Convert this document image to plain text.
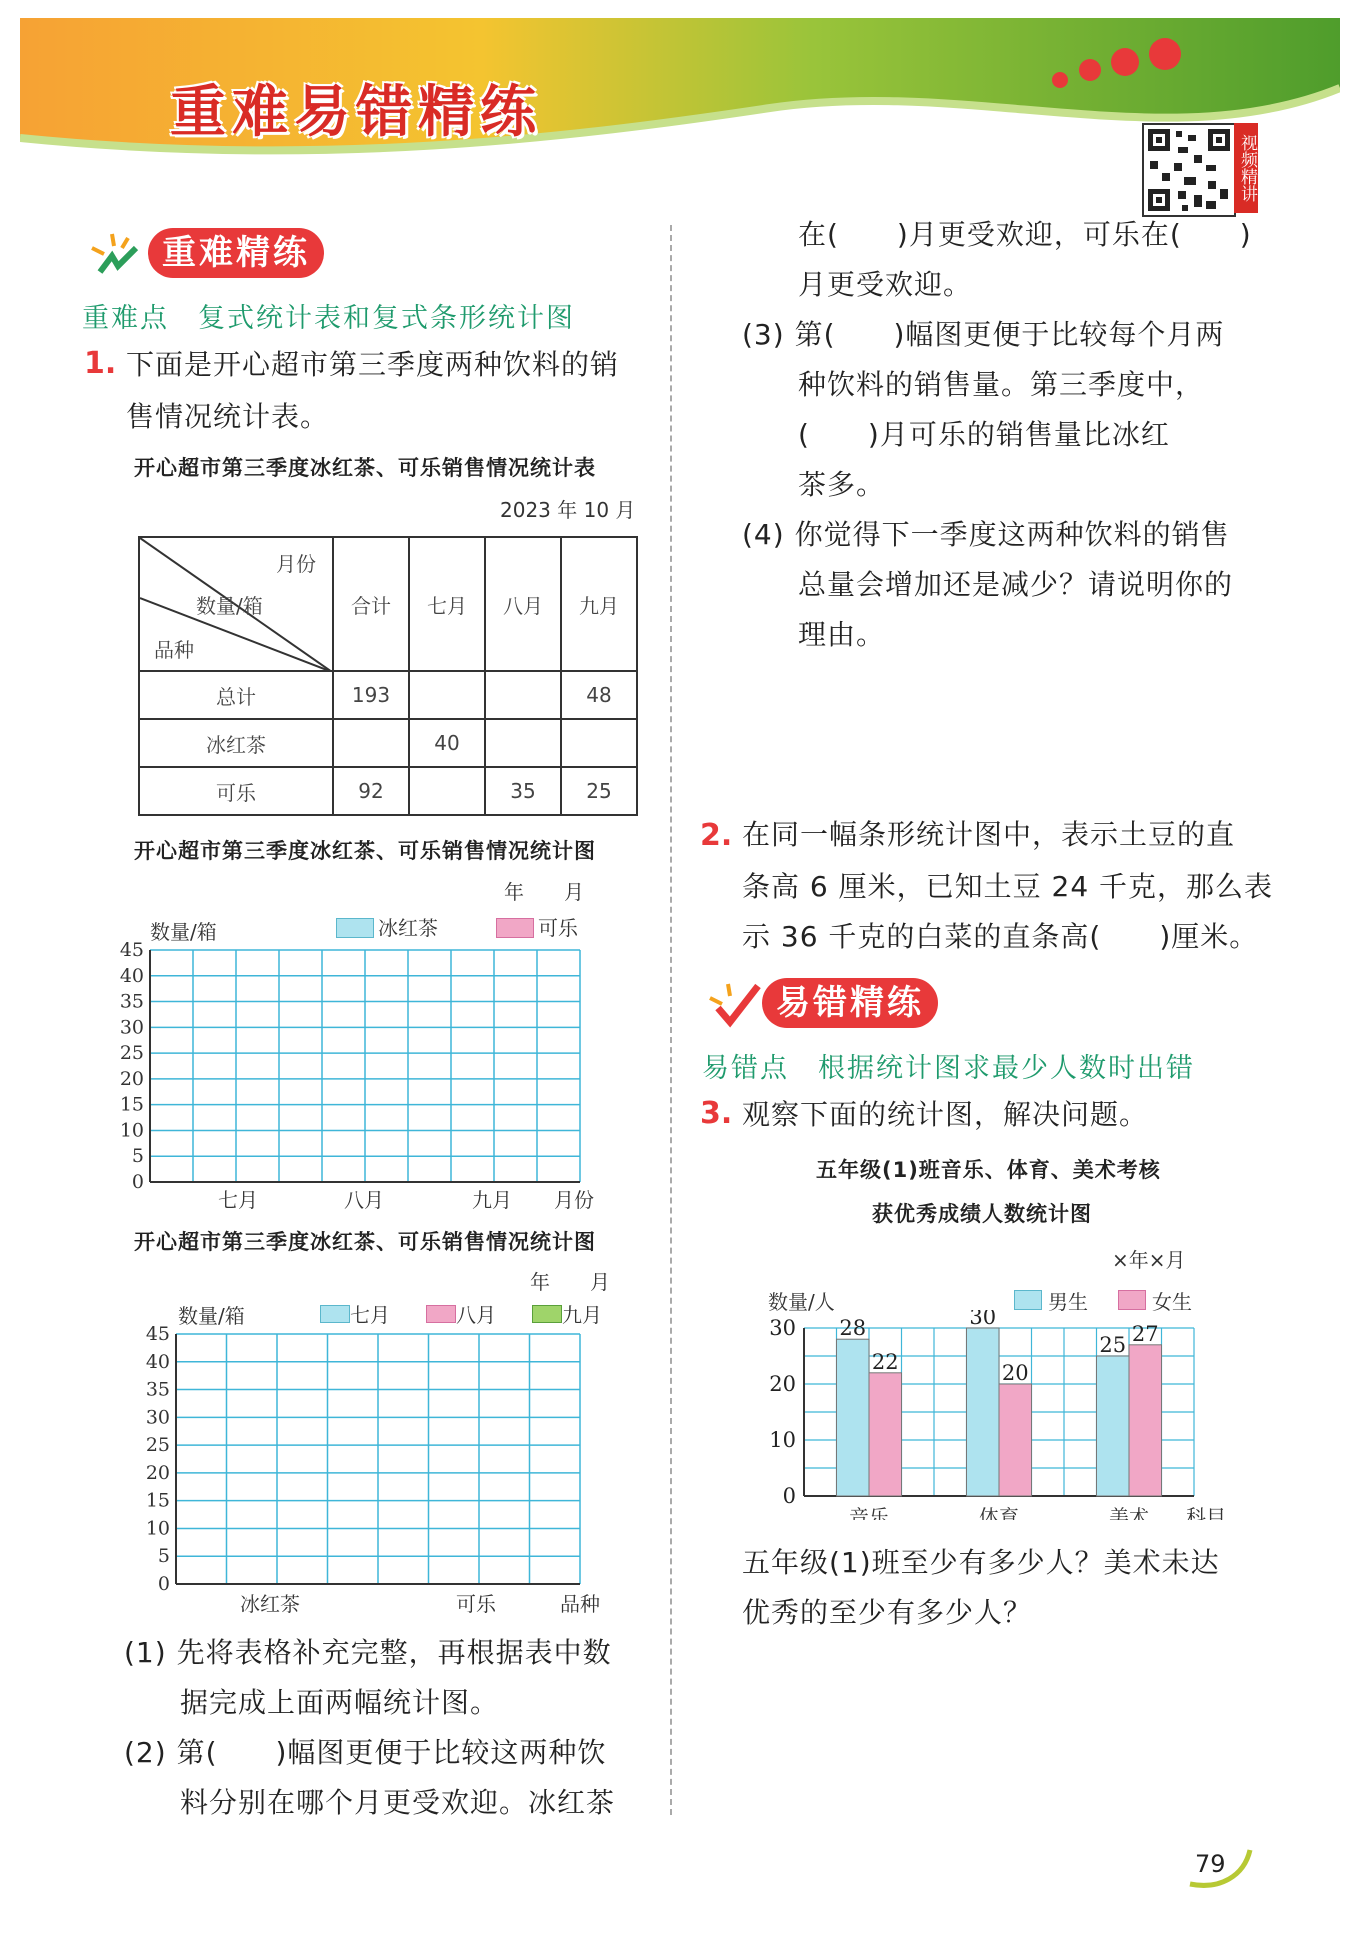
重难易错精练
视频精讲
重难精练
重难点　复式统计表和复式条形统计图
1. 下面是开心超市第三季度两种饮料的销
售情况统计表。
开心超市第三季度冰红茶、可乐销售情况统计表
2023 年 10 月
月份
数量/箱
品种	合计	七月	八月	九月
总计	193			48
冰红茶		40		
可乐	92		35	25
开心超市第三季度冰红茶、可乐销售情况统计图
年　　月
数量/箱	冰红茶	可乐
45
40
35
30
25
20
15
10
5
0
七月	八月	九月 月份
开心超市第三季度冰红茶、可乐销售情况统计图
年　　月
数量/箱	七月	八月	九月
45
40
35
30
25
20
15
10
5
0
冰红茶	可乐	品种
(1) 先将表格补充完整，再根据表中数
据完成上面两幅统计图。
(2) 第(　　)幅图更便于比较这两种饮
料分别在哪个月更受欢迎。冰红茶
在(　　)月更受欢迎，可乐在(　　)
月更受欢迎。
(3) 第(　　)幅图更便于比较每个月两
种饮料的销售量。第三季度中，
(　　)月可乐的销售量比冰红
茶多。
(4) 你觉得下一季度这两种饮料的销售
总量会增加还是减少？请说明你的
理由。
2. 在同一幅条形统计图中，表示土豆的直
条高 6 厘米，已知土豆 24 千克，那么表
示 36 千克的白菜的直条高(　　)厘米。
易错精练
易错点　根据统计图求最少人数时出错
3. 观察下面的统计图，解决问题。
五年级(1)班音乐、体育、美术考核
获优秀成绩人数统计图
×年×月
数量/人	男生	女生
30
20
10
0
28
22
音乐
30
20
体育
25 27
美术 科目
五年级(1)班至少有多少人？美术未达
优秀的至少有多少人？
79
